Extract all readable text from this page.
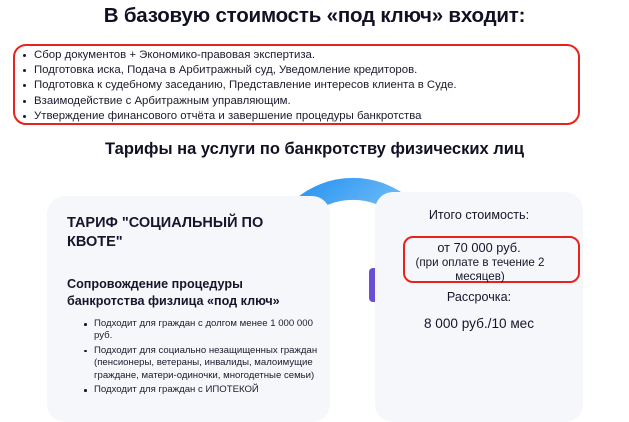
В базовую стоимость «под ключ» входит:
Сбор документов + Экономико-правовая экспертиза.
Подготовка иска, Подача в Арбитражный суд, Уведомление кредиторов.
Подготовка к судебному заседанию, Представление интересов клиента в Суде.
Взаимодействие с Арбитражным управляющим.
Утверждение финансового отчёта и завершение процедуры банкротства
Тарифы на услуги по банкротству физических лиц
ТАРИФ "СОЦИАЛЬНЫЙ ПО КВОТЕ"
Сопровождение процедуры банкротства физлица «под ключ»
Подходит для граждан с долгом менее 1 000 000 руб.
Подходит для социально незащищенных граждан (пенсионеры, ветераны, инвалиды, малоимущие граждане, матери-одиночки, многодетные семьи)
Подходит для граждан с ИПОТЕКОЙ
Итого стоимость:
от 70 000 руб.
(при оплате в течение 2 месяцев)
Рассрочка:
8 000 руб./10 мес
